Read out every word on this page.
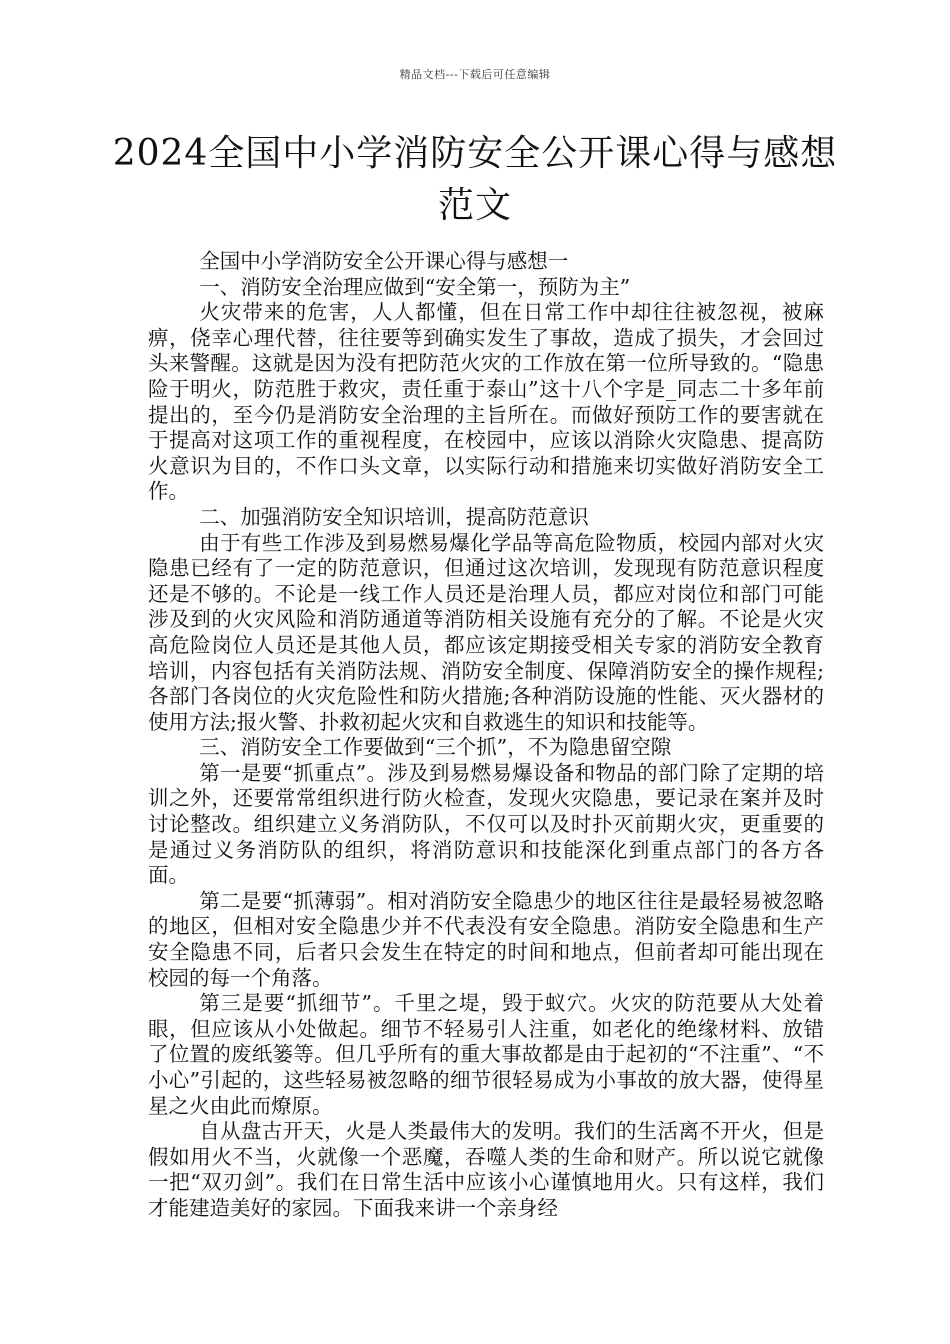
精品文档---下载后可任意编辑
2024全国中小学消防安全公开课心得与感想范文

全国中小学消防安全公开课心得与感想一

一、消防安全治理应做到“安全第一，预防为主”

火灾带来的危害，人人都懂，但在日常工作中却往往被忽视，被麻痹，侥幸心理代替，往往要等到确实发生了事故，造成了损失，才会回过头来警醒。这就是因为没有把防范火灾的工作放在第一位所导致的。“隐患险于明火，防范胜于救灾，责任重于泰山”这十八个字是_同志二十多年前提出的，至今仍是消防安全治理的主旨所在。而做好预防工作的要害就在于提高对这项工作的重视程度，在校园中，应该以消除火灾隐患、提高防火意识为目的，不作口头文章，以实际行动和措施来切实做好消防安全工作。

二、加强消防安全知识培训，提高防范意识

由于有些工作涉及到易燃易爆化学品等高危险物质，校园内部对火灾隐患已经有了一定的防范意识，但通过这次培训，发现现有防范意识程度还是不够的。不论是一线工作人员还是治理人员，都应对岗位和部门可能涉及到的火灾风险和消防通道等消防相关设施有充分的了解。不论是火灾高危险岗位人员还是其他人员，都应该定期接受相关专家的消防安全教育培训，内容包括有关消防法规、消防安全制度、保障消防安全的操作规程;各部门各岗位的火灾危险性和防火措施;各种消防设施的性能、灭火器材的使用方法;报火警、扑救初起火灾和自救逃生的知识和技能等。

三、消防安全工作要做到“三个抓”，不为隐患留空隙

第一是要“抓重点”。涉及到易燃易爆设备和物品的部门除了定期的培训之外，还要常常组织进行防火检查，发现火灾隐患，要记录在案并及时讨论整改。组织建立义务消防队，不仅可以及时扑灭前期火灾，更重要的是通过义务消防队的组织，将消防意识和技能深化到重点部门的各方各面。

第二是要“抓薄弱”。相对消防安全隐患少的地区往往是最轻易被忽略的地区，但相对安全隐患少并不代表没有安全隐患。消防安全隐患和生产安全隐患不同，后者只会发生在特定的时间和地点，但前者却可能出现在校园的每一个角落。

第三是要“抓细节”。千里之堤，毁于蚁穴。火灾的防范要从大处着眼，但应该从小处做起。细节不轻易引人注重，如老化的绝缘材料、放错了位置的废纸篓等。但几乎所有的重大事故都是由于起初的“不注重”、“不小心”引起的，这些轻易被忽略的细节很轻易成为小事故的放大器，使得星星之火由此而燎原。

自从盘古开天，火是人类最伟大的发明。我们的生活离不开火，但是假如用火不当，火就像一个恶魔，吞噬人类的生命和财产。所以说它就像一把“双刃剑”。我们在日常生活中应该小心谨慎地用火。只有这样，我们才能建造美好的家园。下面我来讲一个亲身经
